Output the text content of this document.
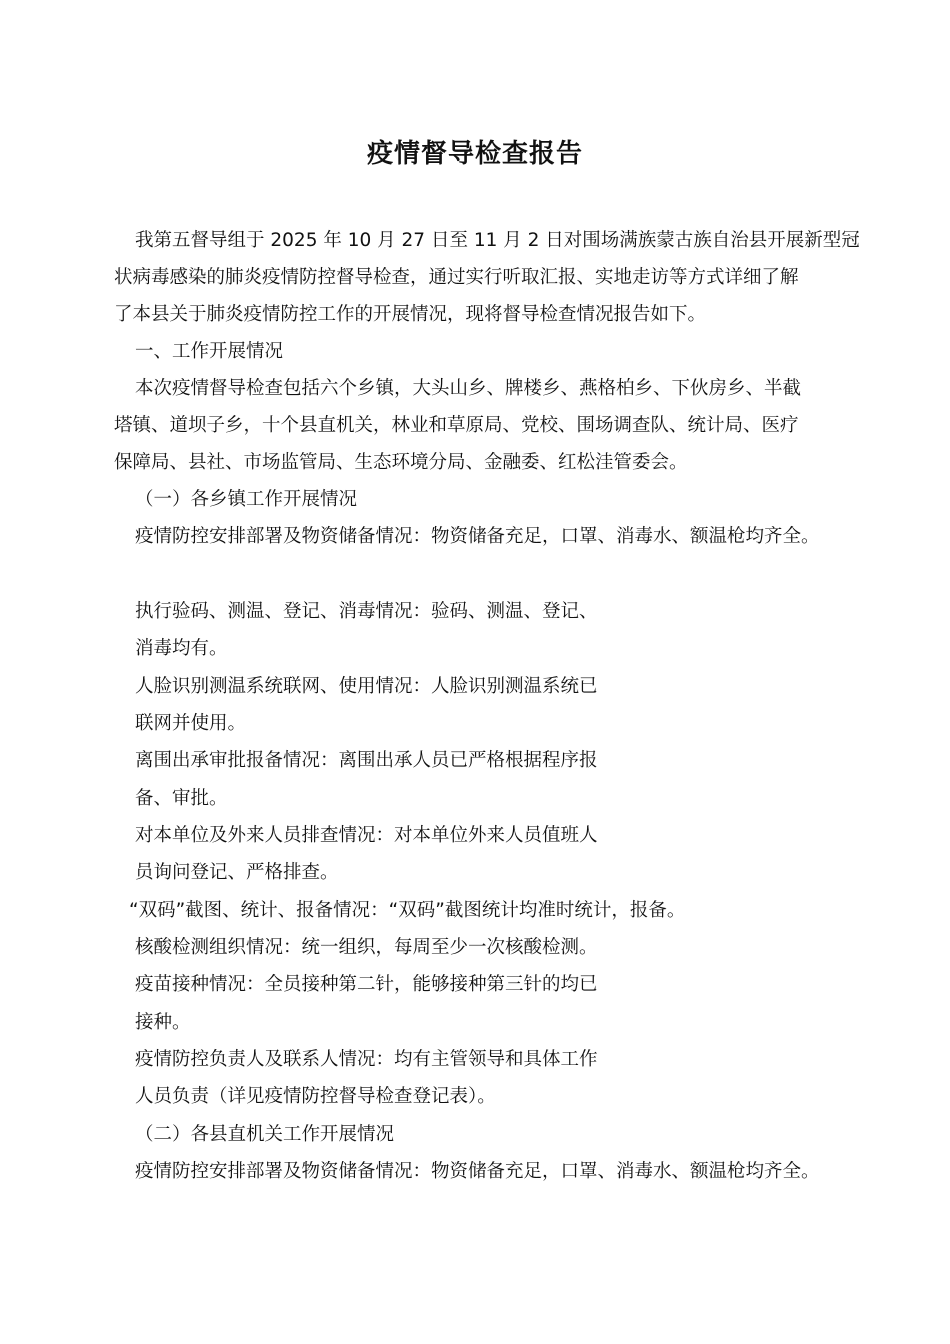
疫情督导检查报告
我第五督导组于 2025 年 10 月 27 日至 11 月 2 日对围场满族蒙古族自治县开展新型冠
状病毒感染的肺炎疫情防控督导检查，通过实行听取汇报、实地走访等方式详细了解
了本县关于肺炎疫情防控工作的开展情况，现将督导检查情况报告如下。
一、工作开展情况
本次疫情督导检查包括六个乡镇，大头山乡、牌楼乡、燕格柏乡、下伙房乡、半截
塔镇、道坝子乡，十个县直机关，林业和草原局、党校、围场调查队、统计局、医疗
保障局、县社、市场监管局、生态环境分局、金融委、红松洼管委会。
（一）各乡镇工作开展情况
疫情防控安排部署及物资储备情况：物资储备充足，口罩、消毒水、额温枪均齐全。
执行验码、测温、登记、消毒情况：验码、测温、登记、
消毒均有。
人脸识别测温系统联网、使用情况：人脸识别测温系统已
联网并使用。
离围出承审批报备情况：离围出承人员已严格根据程序报
备、审批。
对本单位及外来人员排查情况：对本单位外来人员值班人
员询问登记、严格排查。
“双码”截图、统计、报备情况：“双码”截图统计均准时统计，报备。
核酸检测组织情况：统一组织，每周至少一次核酸检测。
疫苗接种情况：全员接种第二针，能够接种第三针的均已
接种。
疫情防控负责人及联系人情况：均有主管领导和具体工作
人员负责（详见疫情防控督导检查登记表）。
（二）各县直机关工作开展情况
疫情防控安排部署及物资储备情况：物资储备充足，口罩、消毒水、额温枪均齐全。
